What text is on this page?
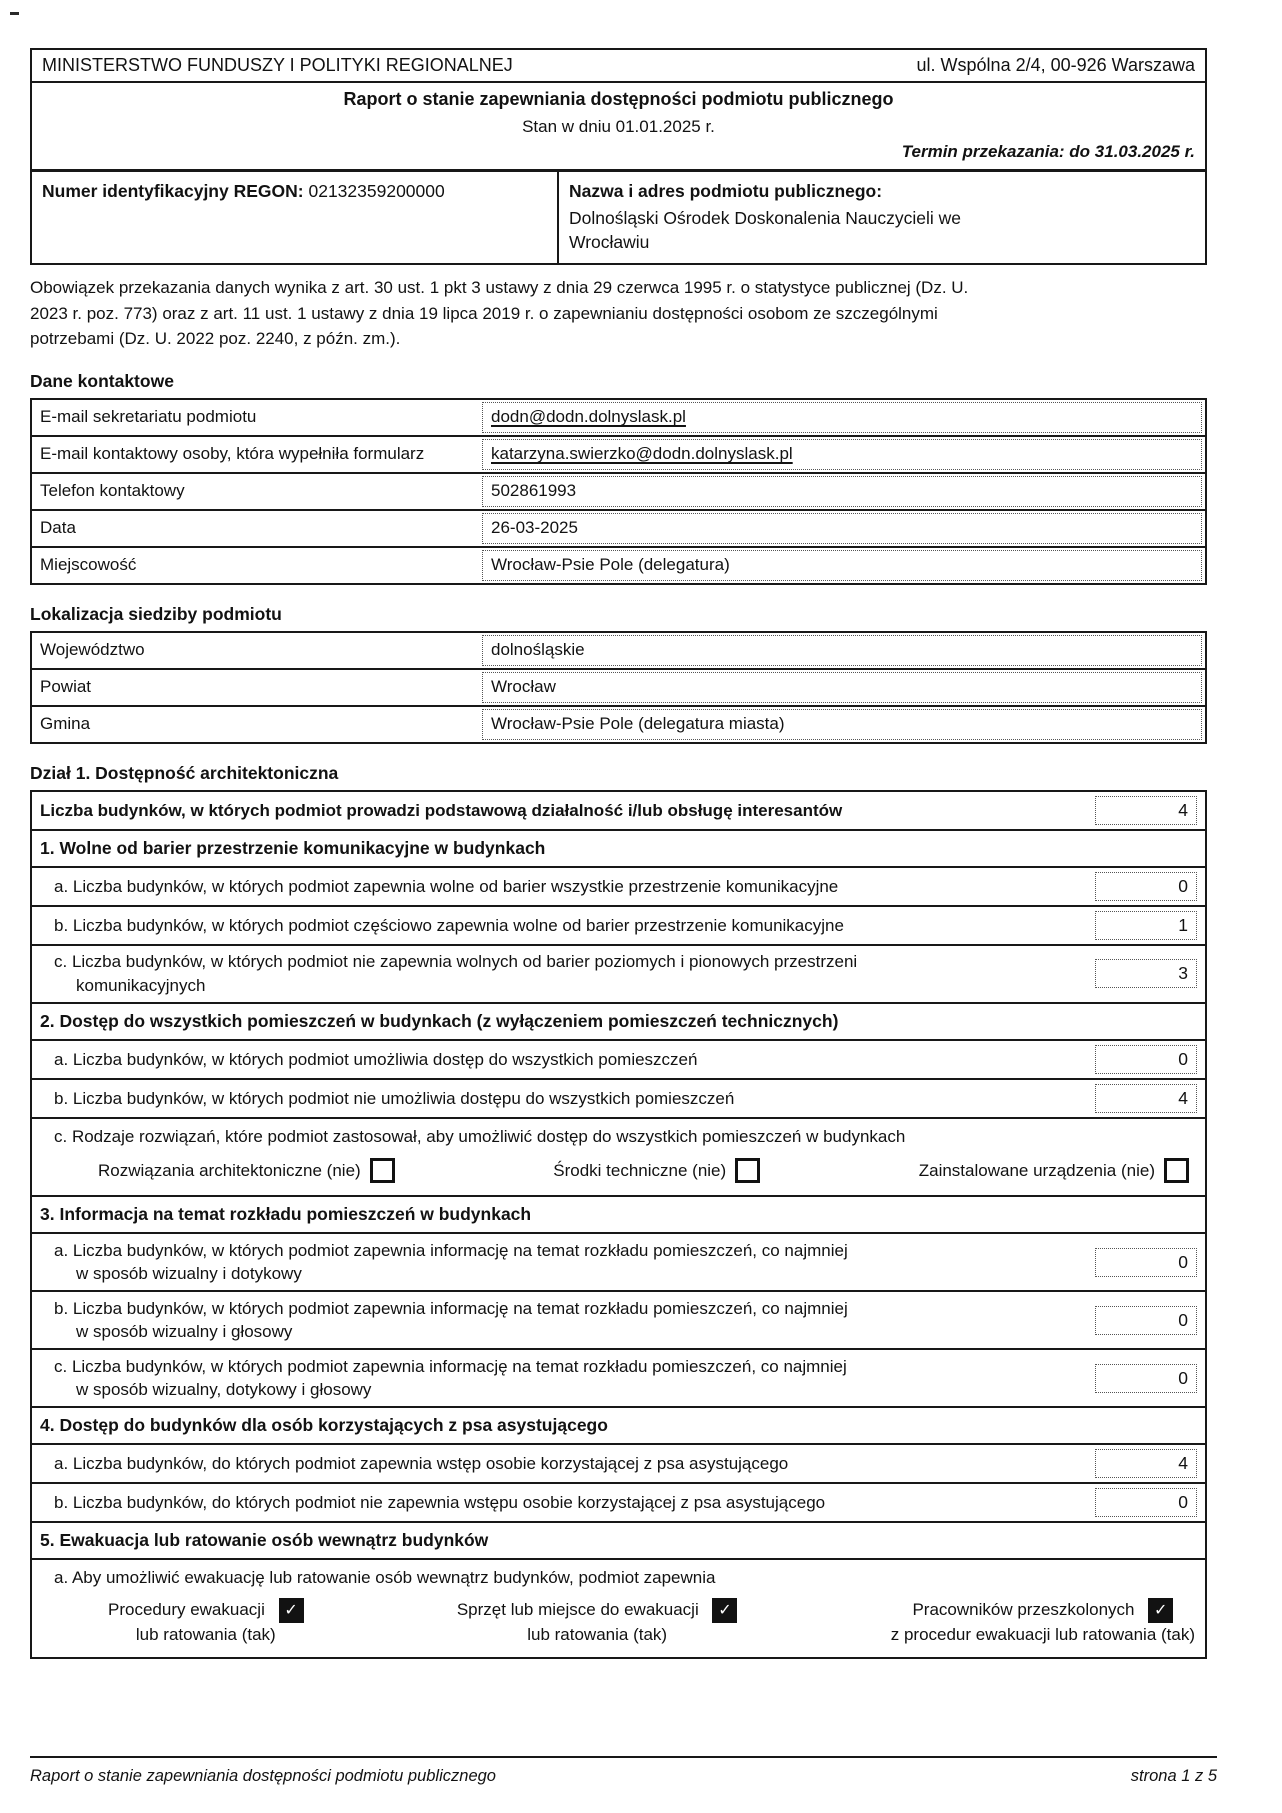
MINISTERSTWO FUNDUSZY I POLITYKI REGIONALNEJ	ul. Wspólna 2/4, 00-926 Warszawa
Raport o stanie zapewniania dostępności podmiotu publicznego
Stan w dniu 01.01.2025 r.
Termin przekazania: do 31.03.2025 r.
Numer identyfikacyjny REGON: 02132359200000	Nazwa i adres podmiotu publicznego:
Dolnośląski Ośrodek Doskonalenia Nauczycieli we Wrocławiu
Obowiązek przekazania danych wynika z art. 30 ust. 1 pkt 3 ustawy z dnia 29 czerwca 1995 r. o statystyce publicznej (Dz. U. 2023 r. poz. 773) oraz z art. 11 ust. 1 ustawy z dnia 19 lipca 2019 r. o zapewnianiu dostępności osobom ze szczególnymi potrzebami (Dz. U. 2022 poz. 2240, z późn. zm.).
Dane kontaktowe
E-mail sekretariatu podmiotu	dodn@dodn.dolnyslask.pl
E-mail kontaktowy osoby, która wypełniła formularz	katarzyna.swierzko@dodn.dolnyslask.pl
Telefon kontaktowy	502861993
Data	26-03-2025
Miejscowość	Wrocław-Psie Pole (delegatura)
Lokalizacja siedziby podmiotu
Województwo	dolnośląskie
Powiat	Wrocław
Gmina	Wrocław-Psie Pole (delegatura miasta)
Dział 1. Dostępność architektoniczna
Liczba budynków, w których podmiot prowadzi podstawową działalność i/lub obsługę interesantów	4
1. Wolne od barier przestrzenie komunikacyjne w budynkach
a. Liczba budynków, w których podmiot zapewnia wolne od barier wszystkie przestrzenie komunikacyjne	0
b. Liczba budynków, w których podmiot częściowo zapewnia wolne od barier przestrzenie komunikacyjne	1
c. Liczba budynków, w których podmiot nie zapewnia wolnych od barier poziomych i pionowych przestrzeni
komunikacyjnych
3
2. Dostęp do wszystkich pomieszczeń w budynkach (z wyłączeniem pomieszczeń technicznych)
a. Liczba budynków, w których podmiot umożliwia dostęp do wszystkich pomieszczeń	0
b. Liczba budynków, w których podmiot nie umożliwia dostępu do wszystkich pomieszczeń	4
c. Rodzaje rozwiązań, które podmiot zastosował, aby umożliwić dostęp do wszystkich pomieszczeń w budynkach
Rozwiązania architektoniczne (nie)	Środki techniczne (nie)	Zainstalowane urządzenia (nie)
3. Informacja na temat rozkładu pomieszczeń w budynkach
a. Liczba budynków, w których podmiot zapewnia informację na temat rozkładu pomieszczeń, co najmniej
w sposób wizualny i dotykowy
0
b. Liczba budynków, w których podmiot zapewnia informację na temat rozkładu pomieszczeń, co najmniej
w sposób wizualny i głosowy
0
c. Liczba budynków, w których podmiot zapewnia informację na temat rozkładu pomieszczeń, co najmniej
w sposób wizualny, dotykowy i głosowy
0
4. Dostęp do budynków dla osób korzystających z psa asystującego
a. Liczba budynków, do których podmiot zapewnia wstęp osobie korzystającej z psa asystującego	4
b. Liczba budynków, do których podmiot nie zapewnia wstępu osobie korzystającej z psa asystującego	0
5. Ewakuacja lub ratowanie osób wewnątrz budynków
a. Aby umożliwić ewakuację lub ratowanie osób wewnątrz budynków, podmiot zapewnia
Procedury ewakuacji ✓
lub ratowania (tak)
Sprzęt lub miejsce do ewakuacji ✓
lub ratowania (tak)
Pracowników przeszkolonych ✓
z procedur ewakuacji lub ratowania (tak)
Raport o stanie zapewniania dostępności podmiotu publicznego	strona 1 z 5
